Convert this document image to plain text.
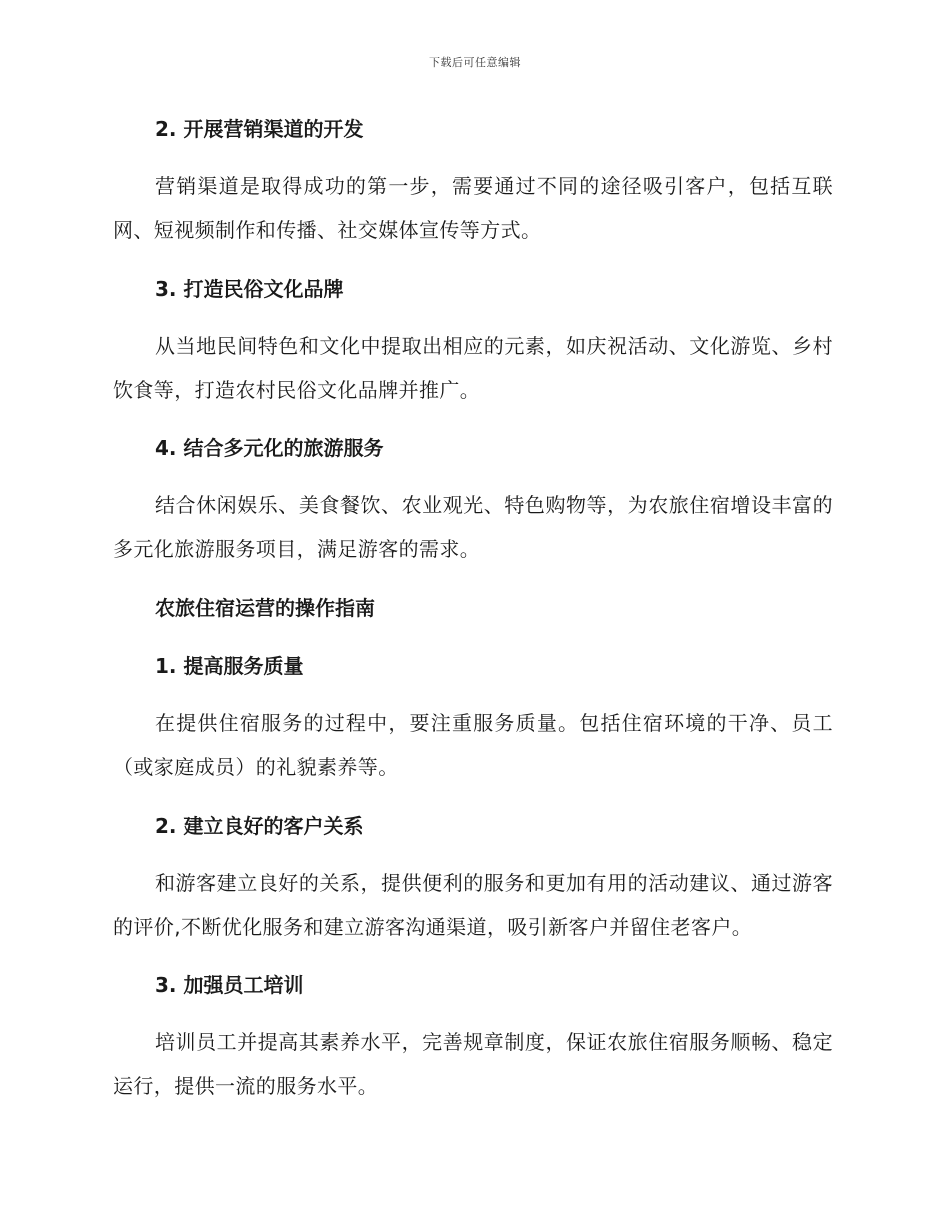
下载后可任意编辑
2. 开展营销渠道的开发
营销渠道是取得成功的第一步，需要通过不同的途径吸引客户，包括互联网、短视频制作和传播、社交媒体宣传等方式。
3. 打造民俗文化品牌
从当地民间特色和文化中提取出相应的元素，如庆祝活动、文化游览、乡村饮食等，打造农村民俗文化品牌并推广。
4. 结合多元化的旅游服务
结合休闲娱乐、美食餐饮、农业观光、特色购物等，为农旅住宿增设丰富的多元化旅游服务项目，满足游客的需求。
农旅住宿运营的操作指南
1. 提高服务质量
在提供住宿服务的过程中，要注重服务质量。包括住宿环境的干净、员工（或家庭成员）的礼貌素养等。
2. 建立良好的客户关系
和游客建立良好的关系，提供便利的服务和更加有用的活动建议、通过游客的评价,不断优化服务和建立游客沟通渠道，吸引新客户并留住老客户。
3. 加强员工培训
培训员工并提高其素养水平，完善规章制度，保证农旅住宿服务顺畅、稳定运行，提供一流的服务水平。
